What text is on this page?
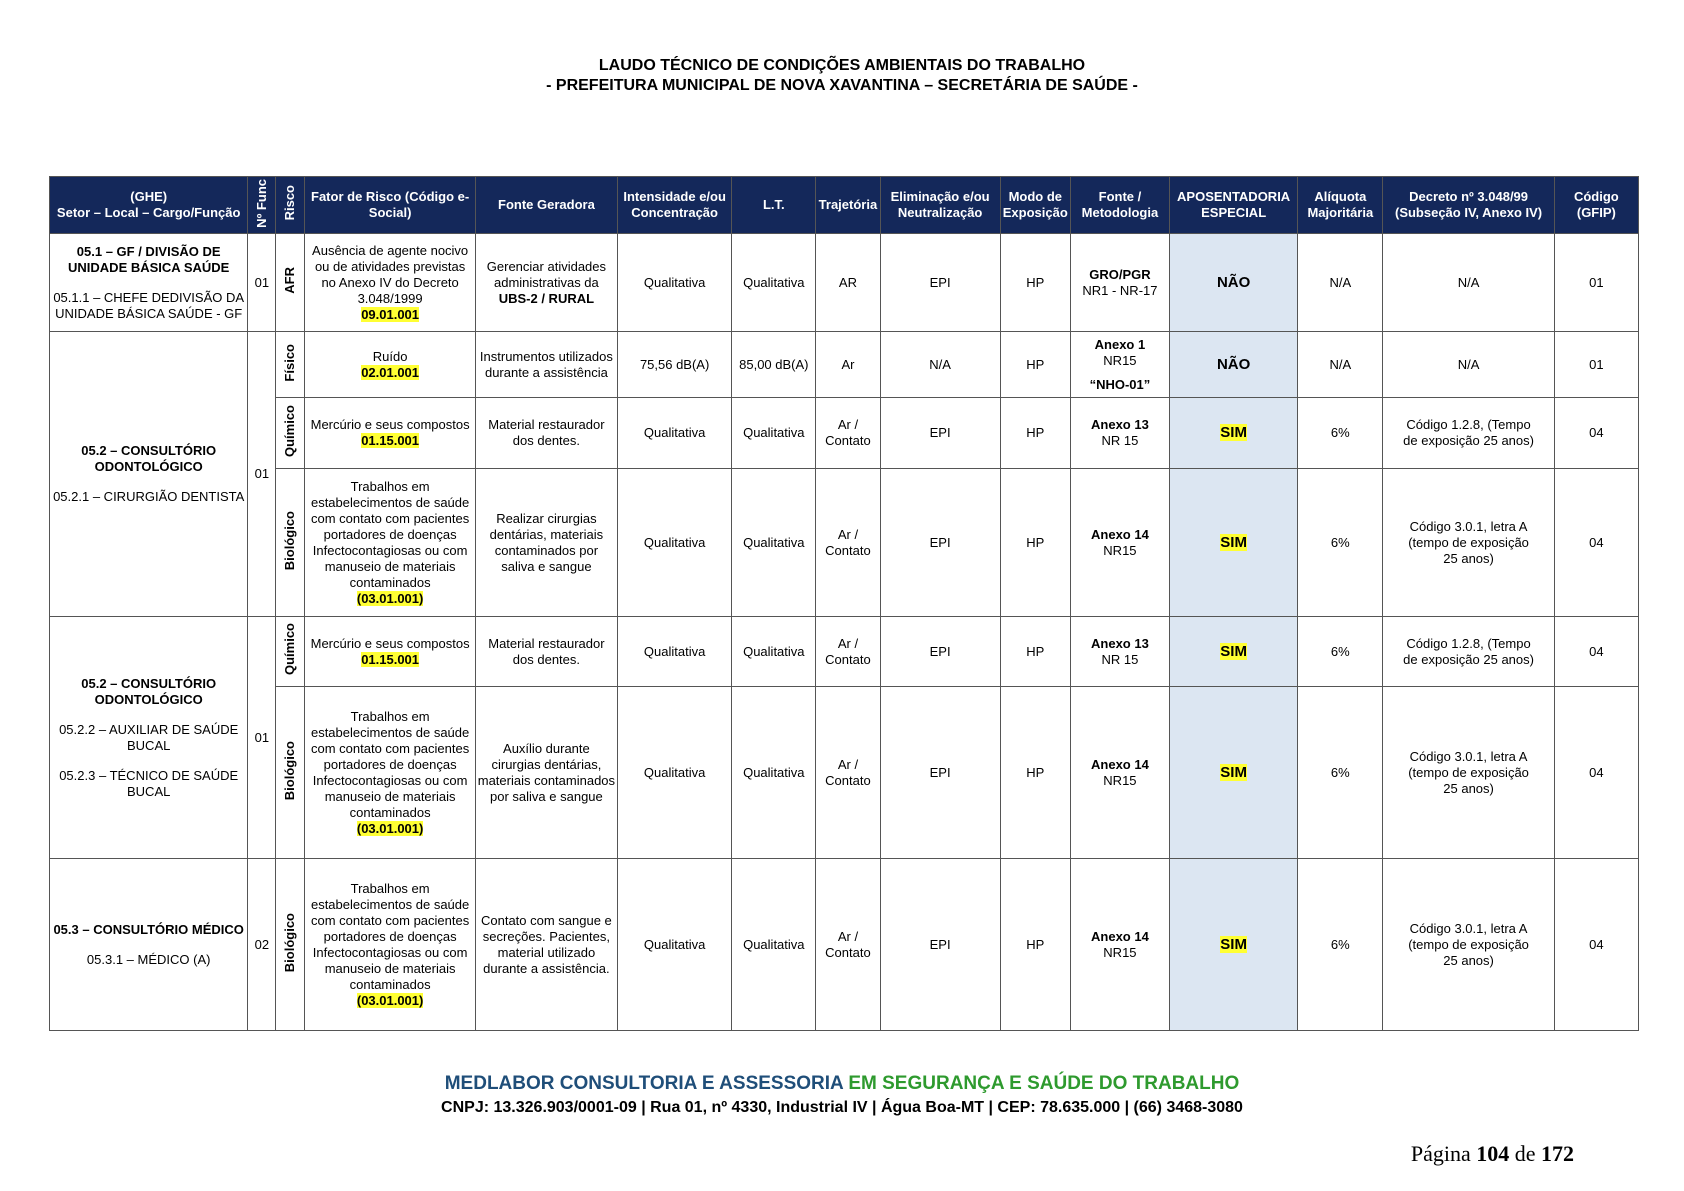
LAUDO TÉCNICO DE CONDIÇÕES AMBIENTAIS DO TRABALHO
- PREFEITURA MUNICIPAL DE NOVA XAVANTINA – SECRETÁRIA DE SAÚDE -
(GHE)
Setor – Local – Cargo/Função	Nº Func	Risco	Fator de Risco (Código e-Social)	Fonte Geradora	Intensidade e/ou Concentração	L.T.	Trajetória	Eliminação e/ou Neutralização	Modo de Exposição	Fonte / Metodologia	APOSENTADORIA ESPECIAL	Alíquota Majoritária	Decreto nº 3.048/99 (Subseção IV, Anexo IV)	Código (GFIP)

05.1 – GF / DIVISÃO DE UNIDADE BÁSICA SAÚDE
05.1.1 – CHEFE DEDIVISÃO DA UNIDADE BÁSICA SAÚDE - GF	01	AFR	Ausência de agente nocivo ou de atividades previstas no Anexo IV do Decreto 3.048/1999
09.01.001	Gerenciar atividades administrativas da
UBS-2 / RURAL	Qualitativa	Qualitativa	AR	EPI	HP	GRO/PGR
NR1 - NR-17	NÃO	N/A	N/A	01

05.2 – CONSULTÓRIO ODONTOLÓGICO
05.2.1 – CIRURGIÃO DENTISTA	01	Físico	Ruído
02.01.001	Instrumentos utilizados durante a assistência	75,56 dB(A)	85,00 dB(A)	Ar	N/A	HP	Anexo 1
NR15
“NHO-01”	NÃO	N/A	N/A	01
		Químico	Mercúrio e seus compostos
01.15.001	Material restaurador dos dentes.	Qualitativa	Qualitativa	Ar / Contato	EPI	HP	Anexo 13
NR 15	SIM	6%	Código 1.2.8, (Tempo de exposição 25 anos)	04
		Biológico	Trabalhos em estabelecimentos de saúde com contato com pacientes portadores de doenças Infectocontagiosas ou com manuseio de materiais contaminados
(03.01.001)	Realizar cirurgias dentárias, materiais contaminados por saliva e sangue	Qualitativa	Qualitativa	Ar / Contato	EPI	HP	Anexo 14
NR15	SIM	6%	Código 3.0.1, letra A (tempo de exposição 25 anos)	04

05.2 – CONSULTÓRIO ODONTOLÓGICO
05.2.2 – AUXILIAR DE SAÚDE BUCAL
05.2.3 – TÉCNICO DE SAÚDE BUCAL	01	Químico	Mercúrio e seus compostos
01.15.001	Material restaurador dos dentes.	Qualitativa	Qualitativa	Ar / Contato	EPI	HP	Anexo 13
NR 15	SIM	6%	Código 1.2.8, (Tempo de exposição 25 anos)	04
		Biológico	Trabalhos em estabelecimentos de saúde com contato com pacientes portadores de doenças Infectocontagiosas ou com manuseio de materiais contaminados
(03.01.001)	Auxílio durante cirurgias dentárias, materiais contaminados por saliva e sangue	Qualitativa	Qualitativa	Ar / Contato	EPI	HP	Anexo 14
NR15	SIM	6%	Código 3.0.1, letra A (tempo de exposição 25 anos)	04

05.3 – CONSULTÓRIO MÉDICO
05.3.1 – MÉDICO (A)	02	Biológico	Trabalhos em estabelecimentos de saúde com contato com pacientes portadores de doenças Infectocontagiosas ou com manuseio de materiais contaminados
(03.01.001)	Contato com sangue e secreções. Pacientes, material utilizado durante a assistência.	Qualitativa	Qualitativa	Ar / Contato	EPI	HP	Anexo 14
NR15	SIM	6%	Código 3.0.1, letra A (tempo de exposição 25 anos)	04
MEDLABOR CONSULTORIA E ASSESSORIA EM SEGURANÇA E SAÚDE DO TRABALHO
CNPJ: 13.326.903/0001-09 | Rua 01, nº 4330, Industrial IV | Água Boa-MT | CEP: 78.635.000 | (66) 3468-3080
Página 104 de 172
